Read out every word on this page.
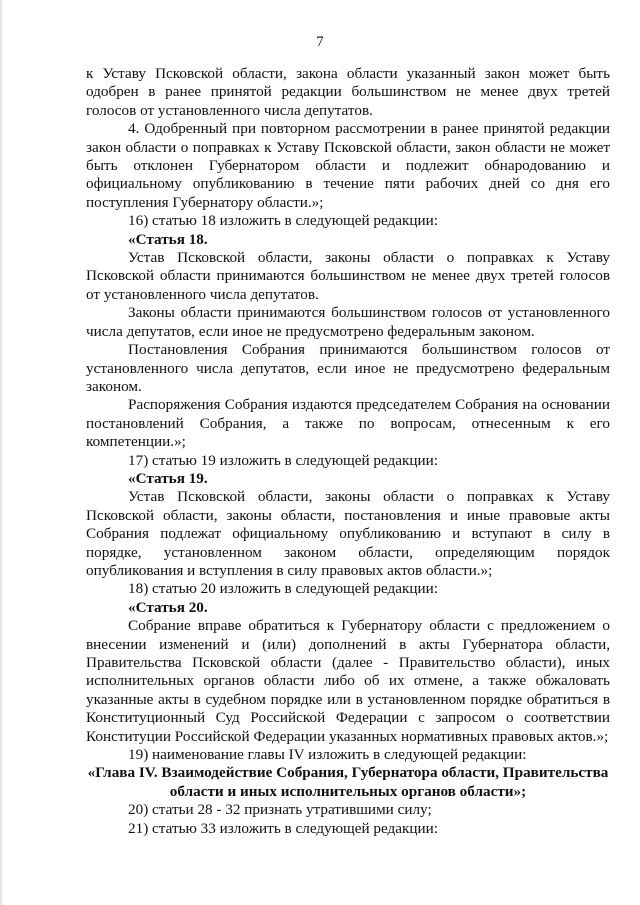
7

к Уставу Псковской области, закона области указанный закон может быть одобрен в ранее принятой редакции большинством не менее двух третей голосов от установленного числа депутатов.

4. Одобренный при повторном рассмотрении в ранее принятой редакции закон области о поправках к Уставу Псковской области, закон области не может быть отклонен Губернатором области и подлежит обнародованию и официальному опубликованию в течение пяти рабочих дней со дня его поступления Губернатору области.»;

16) статью 18 изложить в следующей редакции:

«Статья 18.

Устав Псковской области, законы области о поправках к Уставу Псковской области принимаются большинством не менее двух третей голосов от установленного числа депутатов.

Законы области принимаются большинством голосов от установленного числа депутатов, если иное не предусмотрено федеральным законом.

Постановления Собрания принимаются большинством голосов от установленного числа депутатов, если иное не предусмотрено федеральным законом.

Распоряжения Собрания издаются председателем Собрания на основании постановлений Собрания, а также по вопросам, отнесенным к его компетенции.»;

17) статью 19 изложить в следующей редакции:

«Статья 19.

Устав Псковской области, законы области о поправках к Уставу Псковской области, законы области, постановления и иные правовые акты Собрания подлежат официальному опубликованию и вступают в силу в порядке, установленном законом области, определяющим порядок опубликования и вступления в силу правовых актов области.»;

18) статью 20 изложить в следующей редакции:

«Статья 20.

Собрание вправе обратиться к Губернатору области с предложением о внесении изменений и (или) дополнений в акты Губернатора области, Правительства Псковской области (далее - Правительство области), иных исполнительных органов области либо об их отмене, а также обжаловать указанные акты в судебном порядке или в установленном порядке обратиться в Конституционный Суд Российской Федерации с запросом о соответствии Конституции Российской Федерации указанных нормативных правовых актов.»;

19) наименование главы IV изложить в следующей редакции:

«Глава IV. Взаимодействие Собрания, Губернатора области, Правительства области и иных исполнительных органов области»;

20) статьи 28 - 32 признать утратившими силу;

21) статью 33 изложить в следующей редакции:
